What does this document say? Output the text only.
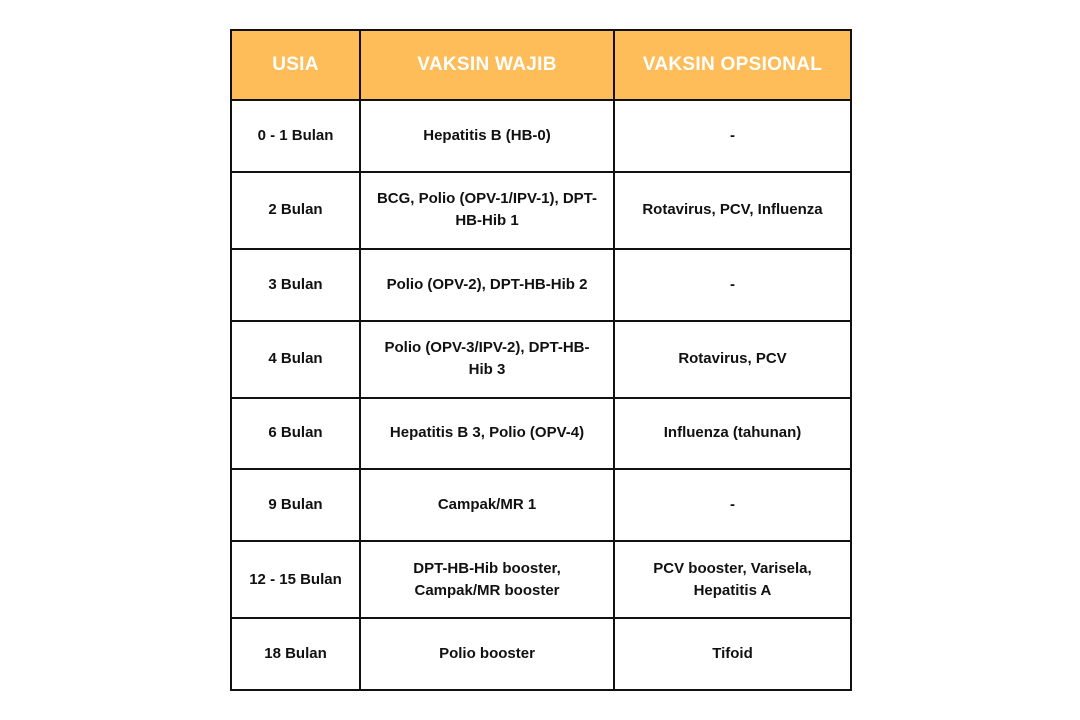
USIA	VAKSIN WAJIB	VAKSIN OPSIONAL
0 - 1 Bulan	Hepatitis B (HB-0)	-
2 Bulan	BCG, Polio (OPV-1/IPV-1), DPT-HB-Hib 1	Rotavirus, PCV, Influenza
3 Bulan	Polio (OPV-2), DPT-HB-Hib 2	-
4 Bulan	Polio (OPV-3/IPV-2), DPT-HB-Hib 3	Rotavirus, PCV
6 Bulan	Hepatitis B 3, Polio (OPV-4)	Influenza (tahunan)
9 Bulan	Campak/MR 1	-
12 - 15 Bulan	DPT-HB-Hib booster, Campak/MR booster	PCV booster, Varisela, Hepatitis A
18 Bulan	Polio booster	Tifoid
